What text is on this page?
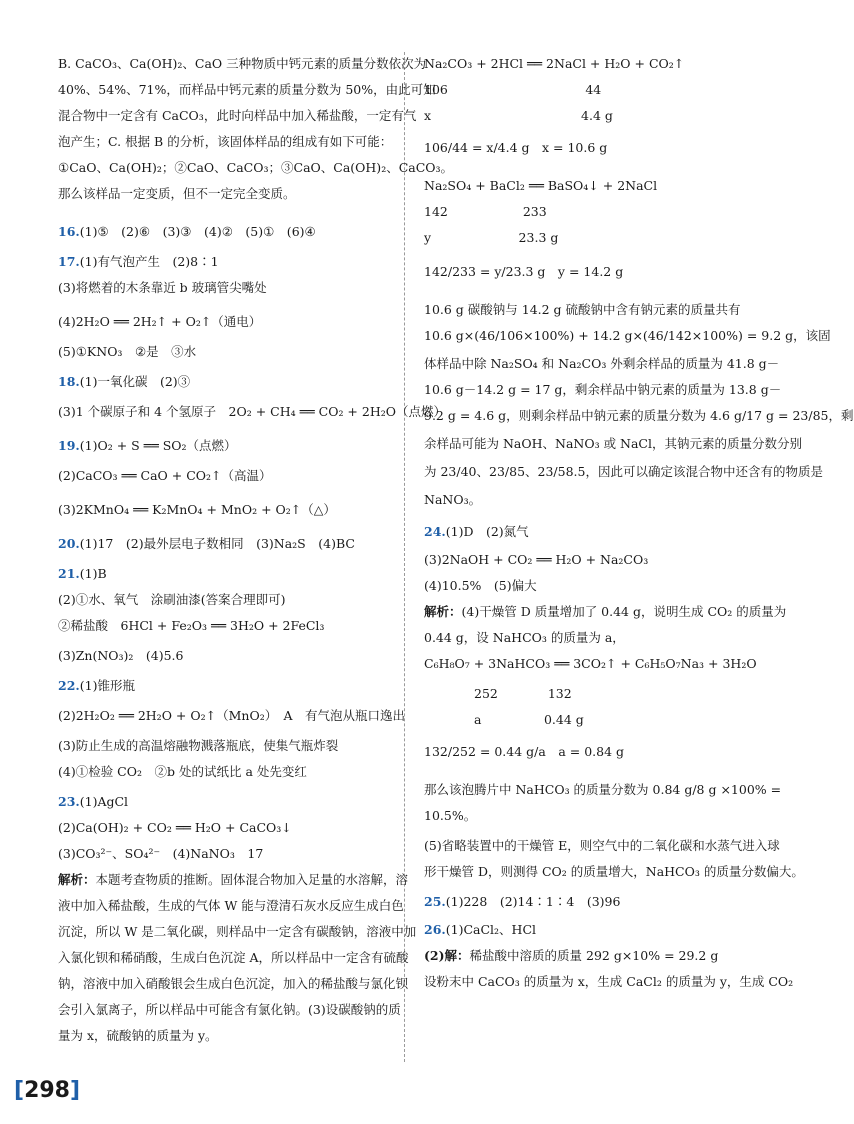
B. CaCO₃、Ca(OH)₂、CaO 三种物质中钙元素的质量分数依次为
40%、54%、71%，而样品中钙元素的质量分数为 50%，由此可知
混合物中一定含有 CaCO₃，此时向样品中加入稀盐酸，一定有气
泡产生；C. 根据 B 的分析，该固体样品的组成有如下可能：
①CaO、Ca(OH)₂；②CaO、CaCO₃；③CaO、Ca(OH)₂、CaCO₃。
那么该样品一定变质，但不一定完全变质。
16.(1)⑤　(2)⑥　(3)③　(4)②　(5)①　(6)④
17.(1)有气泡产生　(2)8∶1
(3)将燃着的木条靠近 b 玻璃管尖嘴处
(4)2H₂O ══ 2H₂↑ + O₂↑（通电）
(5)①KNO₃　②是　③水
18.(1)一氧化碳　(2)③
(3)1 个碳原子和 4 个氢原子　2O₂ + CH₄ ══ CO₂ + 2H₂O（点燃）
19.(1)O₂ + S ══ SO₂（点燃）
(2)CaCO₃ ══ CaO + CO₂↑（高温）
(3)2KMnO₄ ══ K₂MnO₄ + MnO₂ + O₂↑（△）
20.(1)17　(2)最外层电子数相同　(3)Na₂S　(4)BC
21.(1)B
(2)①水、氧气　涂刷油漆(答案合理即可)
②稀盐酸　6HCl + Fe₂O₃ ══ 3H₂O + 2FeCl₃
(3)Zn(NO₃)₂　(4)5.6
22.(1)锥形瓶
(2)2H₂O₂ ══ 2H₂O + O₂↑（MnO₂）　A　有气泡从瓶口逸出
(3)防止生成的高温熔融物溅落瓶底，使集气瓶炸裂
(4)①检验 CO₂　②b 处的试纸比 a 处先变红
23.(1)AgCl
(2)Ca(OH)₂ + CO₂ ══ H₂O + CaCO₃↓
(3)CO₃²⁻、SO₄²⁻　(4)NaNO₃　17
解析：本题考查物质的推断。固体混合物加入足量的水溶解，溶
液中加入稀盐酸，生成的气体 W 能与澄清石灰水反应生成白色
沉淀，所以 W 是二氧化碳，则样品中一定含有碳酸钠，溶液中加
入氯化钡和稀硝酸，生成白色沉淀 A，所以样品中一定含有硫酸
钠，溶液中加入硝酸银会生成白色沉淀，加入的稀盐酸与氯化钡
会引入氯离子，所以样品中可能含有氯化钠。(3)设碳酸钠的质
量为 x，硫酸钠的质量为 y。
Na₂CO₃ + 2HCl ══ 2NaCl + H₂O + CO₂↑
106　　　　　　　　　　　44
x　　　　　　　　　　　　4.4 g
106/44 = x/4.4 g　x = 10.6 g
Na₂SO₄ + BaCl₂ ══ BaSO₄↓ + 2NaCl
142　　　　　　233
y　　　　　　　23.3 g
142/233 = y/23.3 g　y = 14.2 g
10.6 g 碳酸钠与 14.2 g 硫酸钠中含有钠元素的质量共有
10.6 g×(46/106×100%) + 14.2 g×(46/142×100%) = 9.2 g，该固
体样品中除 Na₂SO₄ 和 Na₂CO₃ 外剩余样品的质量为 41.8 g－
10.6 g－14.2 g = 17 g，剩余样品中钠元素的质量为 13.8 g－
9.2 g = 4.6 g，则剩余样品中钠元素的质量分数为 4.6 g/17 g = 23/85，剩
余样品可能为 NaOH、NaNO₃ 或 NaCl，其钠元素的质量分数分别
为 23/40、23/85、23/58.5，因此可以确定该混合物中还含有的物质是
NaNO₃。
24.(1)D　(2)氮气
(3)2NaOH + CO₂ ══ H₂O + Na₂CO₃
(4)10.5%　(5)偏大
解析：(4)干燥管 D 质量增加了 0.44 g，说明生成 CO₂ 的质量为
0.44 g，设 NaHCO₃ 的质量为 a，
C₆H₈O₇ + 3NaHCO₃ ══ 3CO₂↑ + C₆H₅O₇Na₃ + 3H₂O
　　　　252　　　　132
　　　　a　　　　　0.44 g
132/252 = 0.44 g/a　a = 0.84 g
那么该泡腾片中 NaHCO₃ 的质量分数为 0.84 g/8 g ×100% =
10.5%。
(5)省略装置中的干燥管 E，则空气中的二氧化碳和水蒸气进入球
形干燥管 D，则测得 CO₂ 的质量增大，NaHCO₃ 的质量分数偏大。
25.(1)228　(2)14∶1∶4　(3)96
26.(1)CaCl₂、HCl
(2)解：稀盐酸中溶质的质量 292 g×10% = 29.2 g
设粉末中 CaCO₃ 的质量为 x，生成 CaCl₂ 的质量为 y，生成 CO₂
[298]
